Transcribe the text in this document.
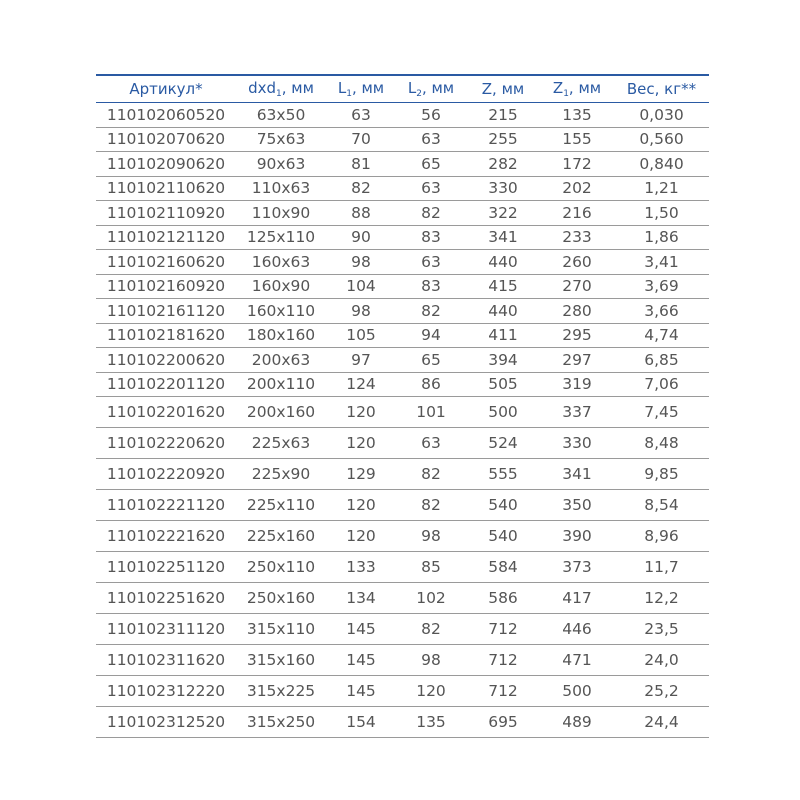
Артикул*	dxd$_1$, мм	$L_1$, мм	$L_2$, мм	Z, мм	$Z_1$, мм	Вес, кг**
110102060520	63x50	63	56	215	135	0,030
110102070620	75x63	70	63	255	155	0,560
110102090620	90x63	81	65	282	172	0,840
110102110620	110x63	82	63	330	202	1,21
110102110920	110x90	88	82	322	216	1,50
110102121120	125x110	90	83	341	233	1,86
110102160620	160x63	98	63	440	260	3,41
110102160920	160x90	104	83	415	270	3,69
110102161120	160x110	98	82	440	280	3,66
110102181620	180x160	105	94	411	295	4,74
110102200620	200x63	97	65	394	297	6,85
110102201120	200x110	124	86	505	319	7,06
110102201620	200x160	120	101	500	337	7,45
110102220620	225x63	120	63	524	330	8,48
110102220920	225x90	129	82	555	341	9,85
110102221120	225x110	120	82	540	350	8,54
110102221620	225x160	120	98	540	390	8,96
110102251120	250x110	133	85	584	373	11,7
110102251620	250x160	134	102	586	417	12,2
110102311120	315x110	145	82	712	446	23,5
110102311620	315x160	145	98	712	471	24,0
110102312220	315x225	145	120	712	500	25,2
110102312520	315x250	154	135	695	489	24,4
